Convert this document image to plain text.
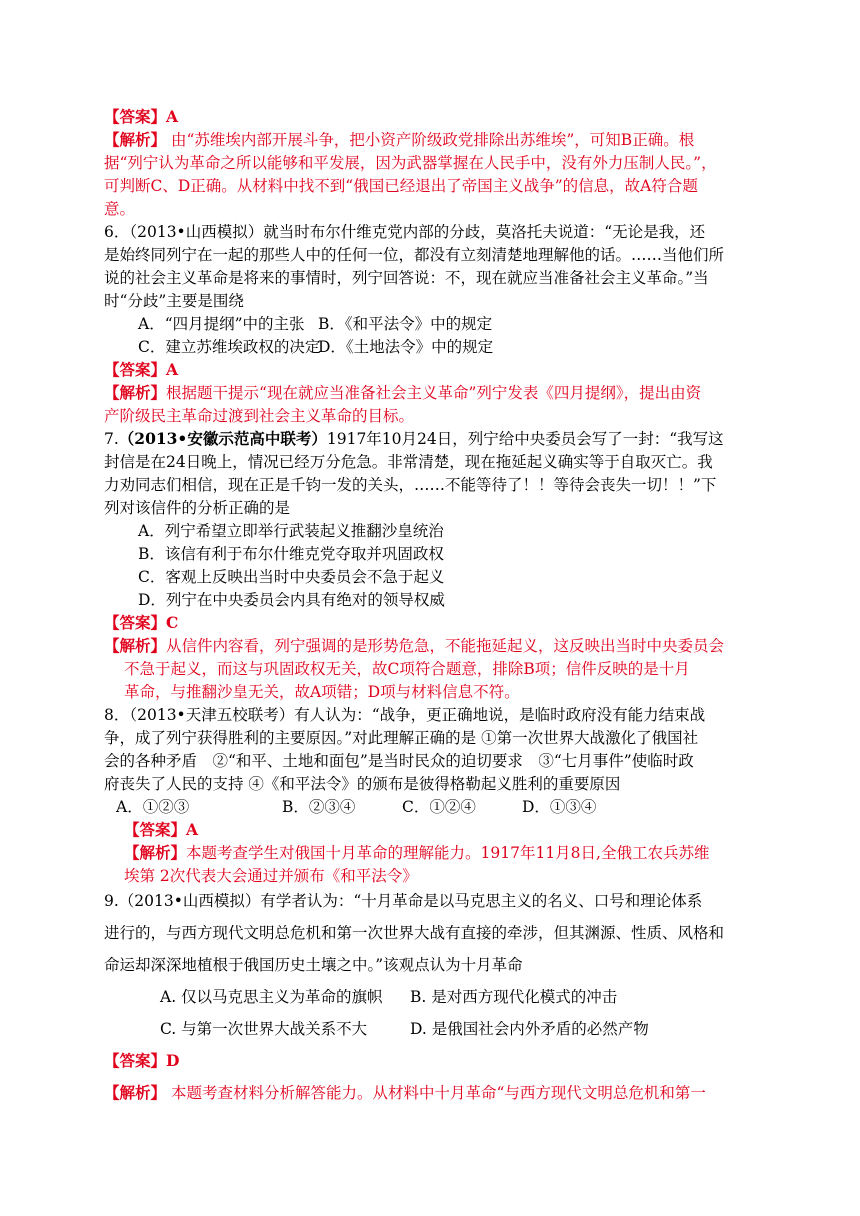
【答案】A
【解析】 由“苏维埃内部开展斗争，把小资产阶级政党排除出苏维埃”，可知B正确。根
据“列宁认为革命之所以能够和平发展，因为武器掌握在人民手中，没有外力压制人民。”，
可判断C、D正确。从材料中找不到“俄国已经退出了帝国主义战争”的信息，故A符合题
意。
6．（2013•山西模拟）就当时布尔什维克党内部的分歧，莫洛托夫说道：“无论是我，还
是始终同列宁在一起的那些人中的任何一位，都没有立刻清楚地理解他的话。……当他们所
说的社会主义革命是将来的事情时，列宁回答说：不，现在就应当准备社会主义革命。”当
时“分歧”主要是围绕
A．“四月提纲”中的主张 B．《和平法令》中的规定
C．建立苏维埃政权的决定D．《土地法令》中的规定
【答案】A
【解析】根据题干提示“现在就应当准备社会主义革命”列宁发表《四月提纲》，提出由资
产阶级民主革命过渡到社会主义革命的目标。
7.（2013•安徽示范高中联考）1917年10月24日，列宁给中央委员会写了一封：“我写这
封信是在24日晚上，情况已经万分危急。非常清楚，现在拖延起义确实等于自取灭亡。我
力劝同志们相信，现在正是千钧一发的关头，……不能等待了！！等待会丧失一切！！”下
列对该信件的分析正确的是
A．列宁希望立即举行武装起义推翻沙皇统治
B．该信有利于布尔什维克党夺取并巩固政权
C．客观上反映出当时中央委员会不急于起义
D．列宁在中央委员会内具有绝对的领导权威
【答案】C
【解析】从信件内容看，列宁强调的是形势危急，不能拖延起义，这反映出当时中央委员会
不急于起义，而这与巩固政权无关，故C项符合题意，排除B项；信件反映的是十月
革命，与推翻沙皇无关，故A项错；D项与材料信息不符。
8．（2013•天津五校联考）有人认为：“战争，更正确地说，是临时政府没有能力结束战
争，成了列宁获得胜利的主要原因。”对此理解正确的是 ①第一次世界大战激化了俄国社
会的各种矛盾　②“和平、土地和面包”是当时民众的迫切要求　③“七月事件”使临时政
府丧失了人民的支持 ④《和平法令》的颁布是彼得格勒起义胜利的重要原因
A．①②③	B．②③④	C．①②④	D．①③④
【答案】A
【解析】本题考查学生对俄国十月革命的理解能力。1917年11月8日,全俄工农兵苏维
埃第 2次代表大会通过并颁布《和平法令》
9.（2013•山西模拟）有学者认为：“十月革命是以马克思主义的名义、口号和理论体系
进行的，与西方现代文明总危机和第一次世界大战有直接的牵涉，但其渊源、性质、风格和
命运却深深地植根于俄国历史土壤之中。”该观点认为十月革命
A. 仅以马克思主义为革命的旗帜 B. 是对西方现代化模式的冲击
C. 与第一次世界大战关系不大	D. 是俄国社会内外矛盾的必然产物
【答案】D
【解析】 本题考查材料分析解答能力。从材料中十月革命“与西方现代文明总危机和第一
